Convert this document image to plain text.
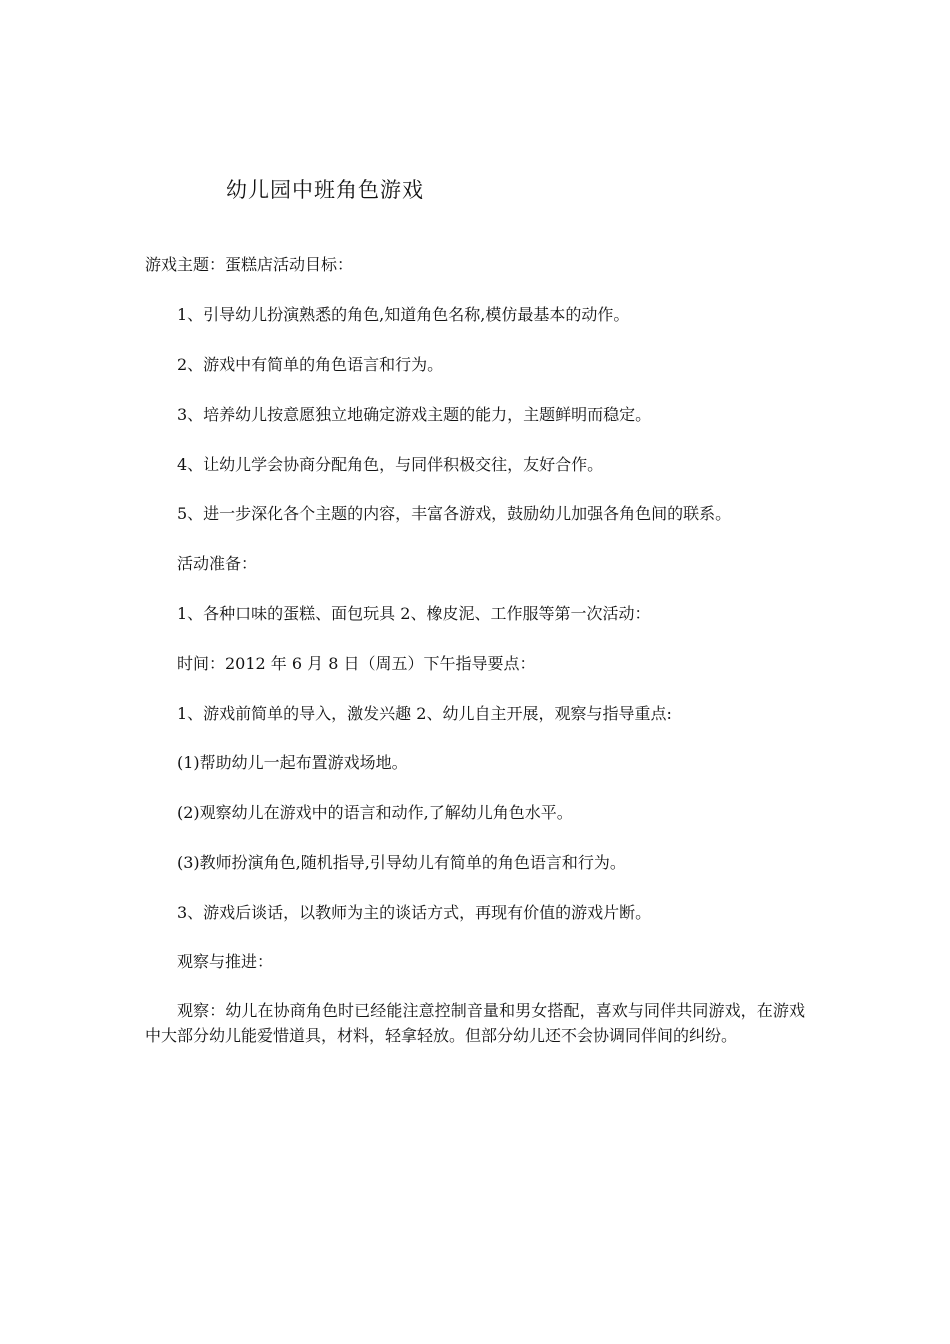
幼儿园中班角色游戏
游戏主题：蛋糕店活动目标：
1、引导幼儿扮演熟悉的角色,知道角色名称,模仿最基本的动作。
2、游戏中有简单的角色语言和行为。
3、培养幼儿按意愿独立地确定游戏主题的能力，主题鲜明而稳定。
4、让幼儿学会协商分配角色，与同伴积极交往，友好合作。
5、进一步深化各个主题的内容，丰富各游戏，鼓励幼儿加强各角色间的联系。
活动准备：
1、各种口味的蛋糕、面包玩具 2、橡皮泥、工作服等第一次活动：
时间：2012 年 6 月 8 日（周五）下午指导要点：
1、游戏前简单的导入，激发兴趣 2、幼儿自主开展，观察与指导重点:
(1)帮助幼儿一起布置游戏场地。
(2)观察幼儿在游戏中的语言和动作,了解幼儿角色水平。
(3)教师扮演角色,随机指导,引导幼儿有简单的角色语言和行为。
3、游戏后谈话，以教师为主的谈话方式，再现有价值的游戏片断。
观察与推进：
观察：幼儿在协商角色时已经能注意控制音量和男女搭配，喜欢与同伴共同游戏，在游戏中大部分幼儿能爱惜道具，材料，轻拿轻放。但部分幼儿还不会协调同伴间的纠纷。
